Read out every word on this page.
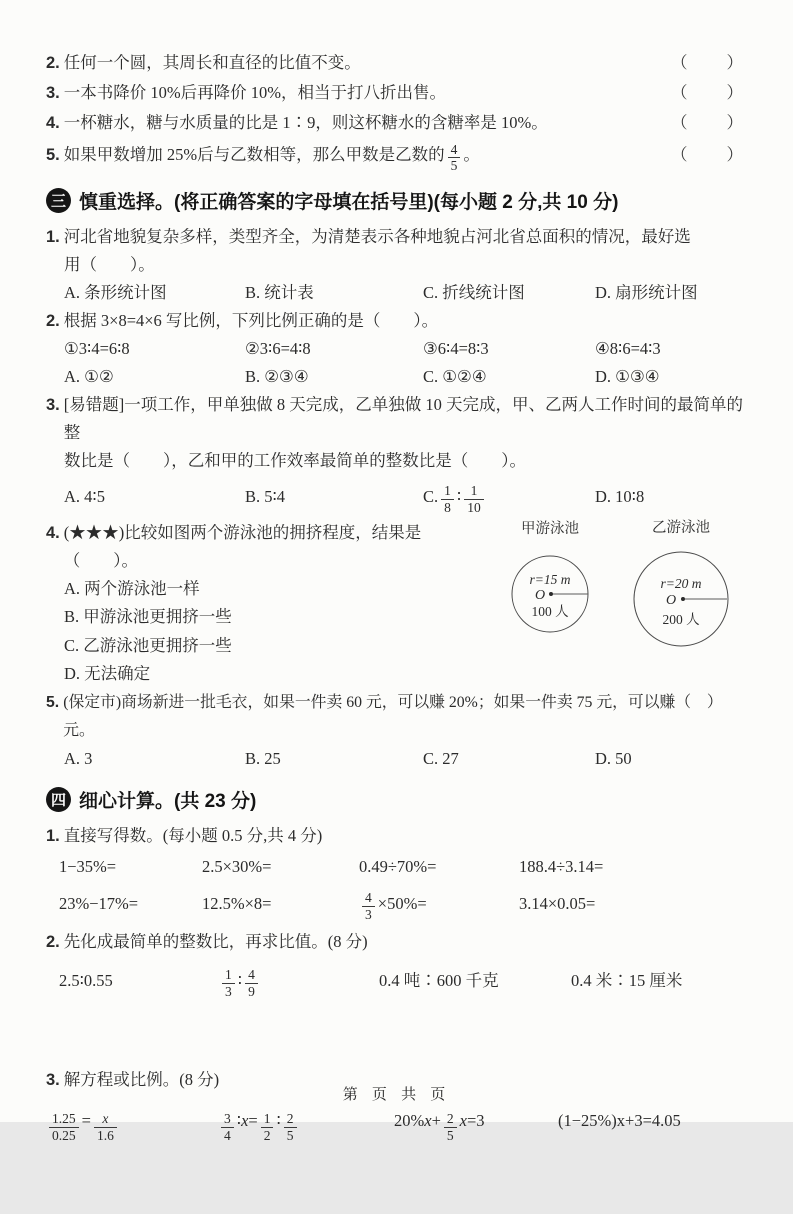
2. 任何一个圆，其周长和直径的比值不变。	（　　）
3. 一本书降价 10%后再降价 10%，相当于打八折出售。	（　　）
4. 一杯糖水，糖与水质量的比是 1∶9，则这杯糖水的含糖率是 10%。	（　　）
5. 如果甲数增加 25%后与乙数相等，那么甲数是乙数的 $\frac{4}{5}$ 。	（　　）
三 慎重选择。(将正确答案的字母填在括号里)(每小题 2 分,共 10 分)
1. 河北省地貌复杂多样，类型齐全，为清楚表示各种地貌占河北省总面积的情况，最好选
用（　　）。
A. 条形统计图	B. 统计表	C. 折线统计图	D. 扇形统计图
2. 根据 3×8=4×6 写比例，下列比例正确的是（　　）。
①3∶4=6∶8	②3∶6=4∶8	③6∶4=8∶3	④8∶6=4∶3
A. ①②	B. ②③④	C. ①②④	D. ①③④
3. [易错题]一项工作，甲单独做 8 天完成，乙单独做 10 天完成，甲、乙两人工作时间的最简单的整
数比是（　　），乙和甲的工作效率最简单的整数比是（　　）。
A. 4∶5	B. 5∶4	C. $\frac{1}{8}$ ∶ $\frac{1}{10}$	D. 10∶8
4. (★★★)比较如图两个游泳池的拥挤程度，结果是（　　）。
A. 两个游泳池一样
B. 甲游泳池更拥挤一些
C. 乙游泳池更拥挤一些
D. 无法确定
甲游泳池
r=15 m
O
100 人
乙游泳池
r=20 m
O
200 人
5. (保定市)商场新进一批毛衣，如果一件卖 60 元，可以赚 20%；如果一件卖 75 元，可以赚（　）元。
A. 3	B. 25	C. 27	D. 50
四 细心计算。(共 23 分)
1. 直接写得数。(每小题 0.5 分,共 4 分)
1−35%=	2.5×30%=	0.49÷70%=	188.4÷3.14=
23%−17%=	12.5%×8=	$\frac{4}{3} \times 50\%=$	3.14×0.05=
2. 先化成最简单的整数比，再求比值。(8 分)
2.5∶0.55	$\frac{1}{3}$ ∶ $\frac{4}{9}$	0.4 吨∶600 千克	0.4 米∶15 厘米
3. 解方程或比例。(8 分)
$\frac{1.25}{0.25} = \frac{x}{1.6}$	$\frac{3}{4}$ ∶x= $\frac{1}{2}$ ∶ $\frac{2}{5}$	$20\%x+ \frac{2}{5} x=3$	(1−25%)x+3=4.05
第 页 共 页
